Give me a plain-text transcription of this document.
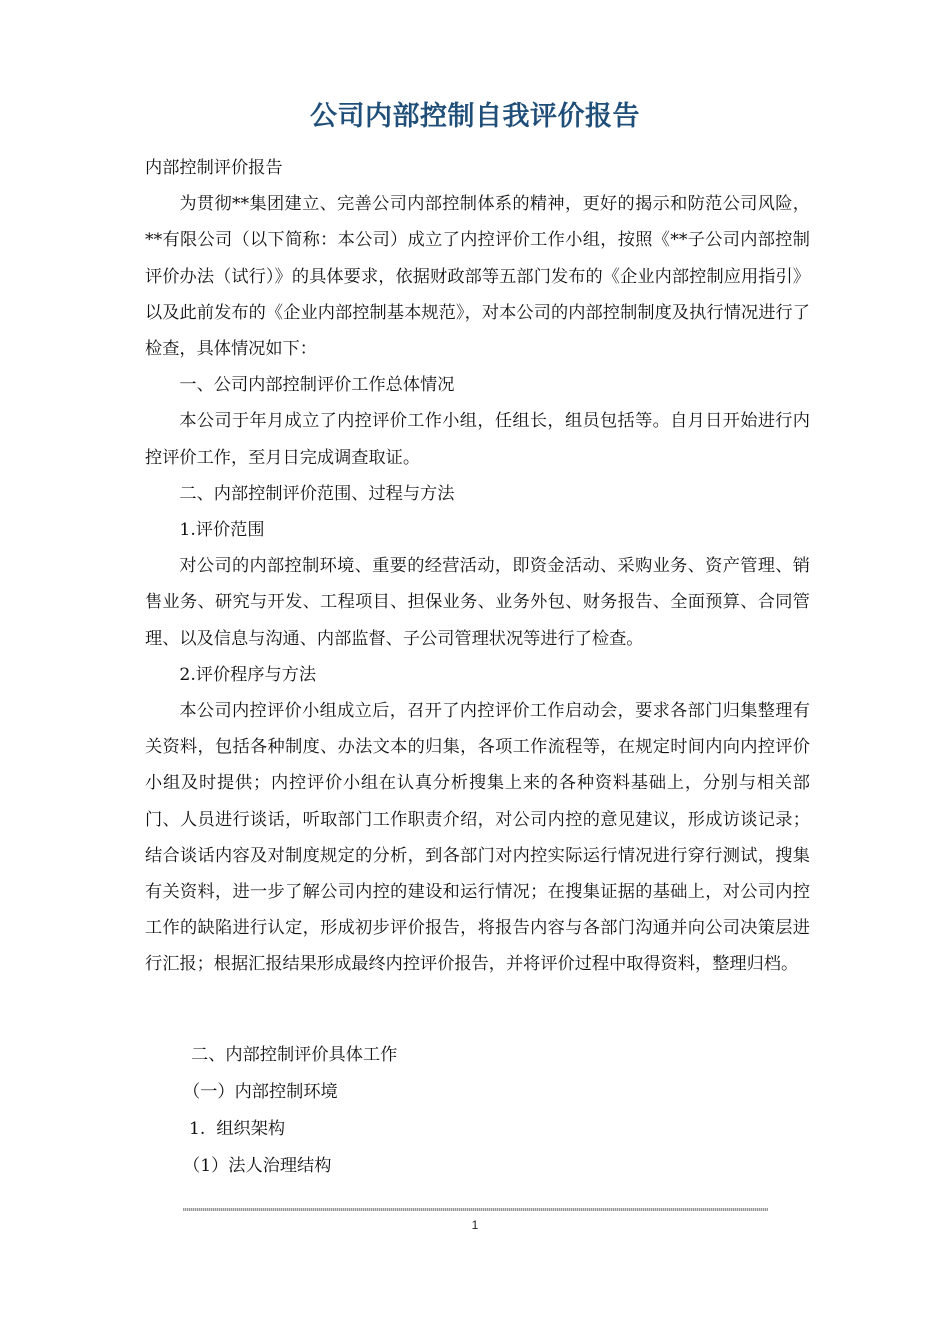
公司内部控制自我评价报告

内部控制评价报告

为贯彻**集团建立、完善公司内部控制体系的精神，更好的揭示和防范公司风险，**有限公司（以下简称：本公司）成立了内控评价工作小组，按照《**子公司内部控制评价办法（试行）》的具体要求，依据财政部等五部门发布的《企业内部控制应用指引》以及此前发布的《企业内部控制基本规范》，对本公司的内部控制制度及执行情况进行了检查，具体情况如下：

一、公司内部控制评价工作总体情况

本公司于年月成立了内控评价工作小组，任组长，组员包括等。自月日开始进行内控评价工作，至月日完成调查取证。

二、内部控制评价范围、过程与方法

1.评价范围

对公司的内部控制环境、重要的经营活动，即资金活动、采购业务、资产管理、销售业务、研究与开发、工程项目、担保业务、业务外包、财务报告、全面预算、合同管理、以及信息与沟通、内部监督、子公司管理状况等进行了检查。

2.评价程序与方法

本公司内控评价小组成立后，召开了内控评价工作启动会，要求各部门归集整理有关资料，包括各种制度、办法文本的归集，各项工作流程等，在规定时间内向内控评价小组及时提供；内控评价小组在认真分析搜集上来的各种资料基础上，分别与相关部门、人员进行谈话，听取部门工作职责介绍，对公司内控的意见建议，形成访谈记录；结合谈话内容及对制度规定的分析，到各部门对内控实际运行情况进行穿行测试，搜集有关资料，进一步了解公司内控的建设和运行情况；在搜集证据的基础上，对公司内控工作的缺陷进行认定，形成初步评价报告，将报告内容与各部门沟通并向公司决策层进行汇报；根据汇报结果形成最终内控评价报告，并将评价过程中取得资料，整理归档。

二、内部控制评价具体工作

（一）内部控制环境

1.  组织架构

（1）法人治理结构

1
